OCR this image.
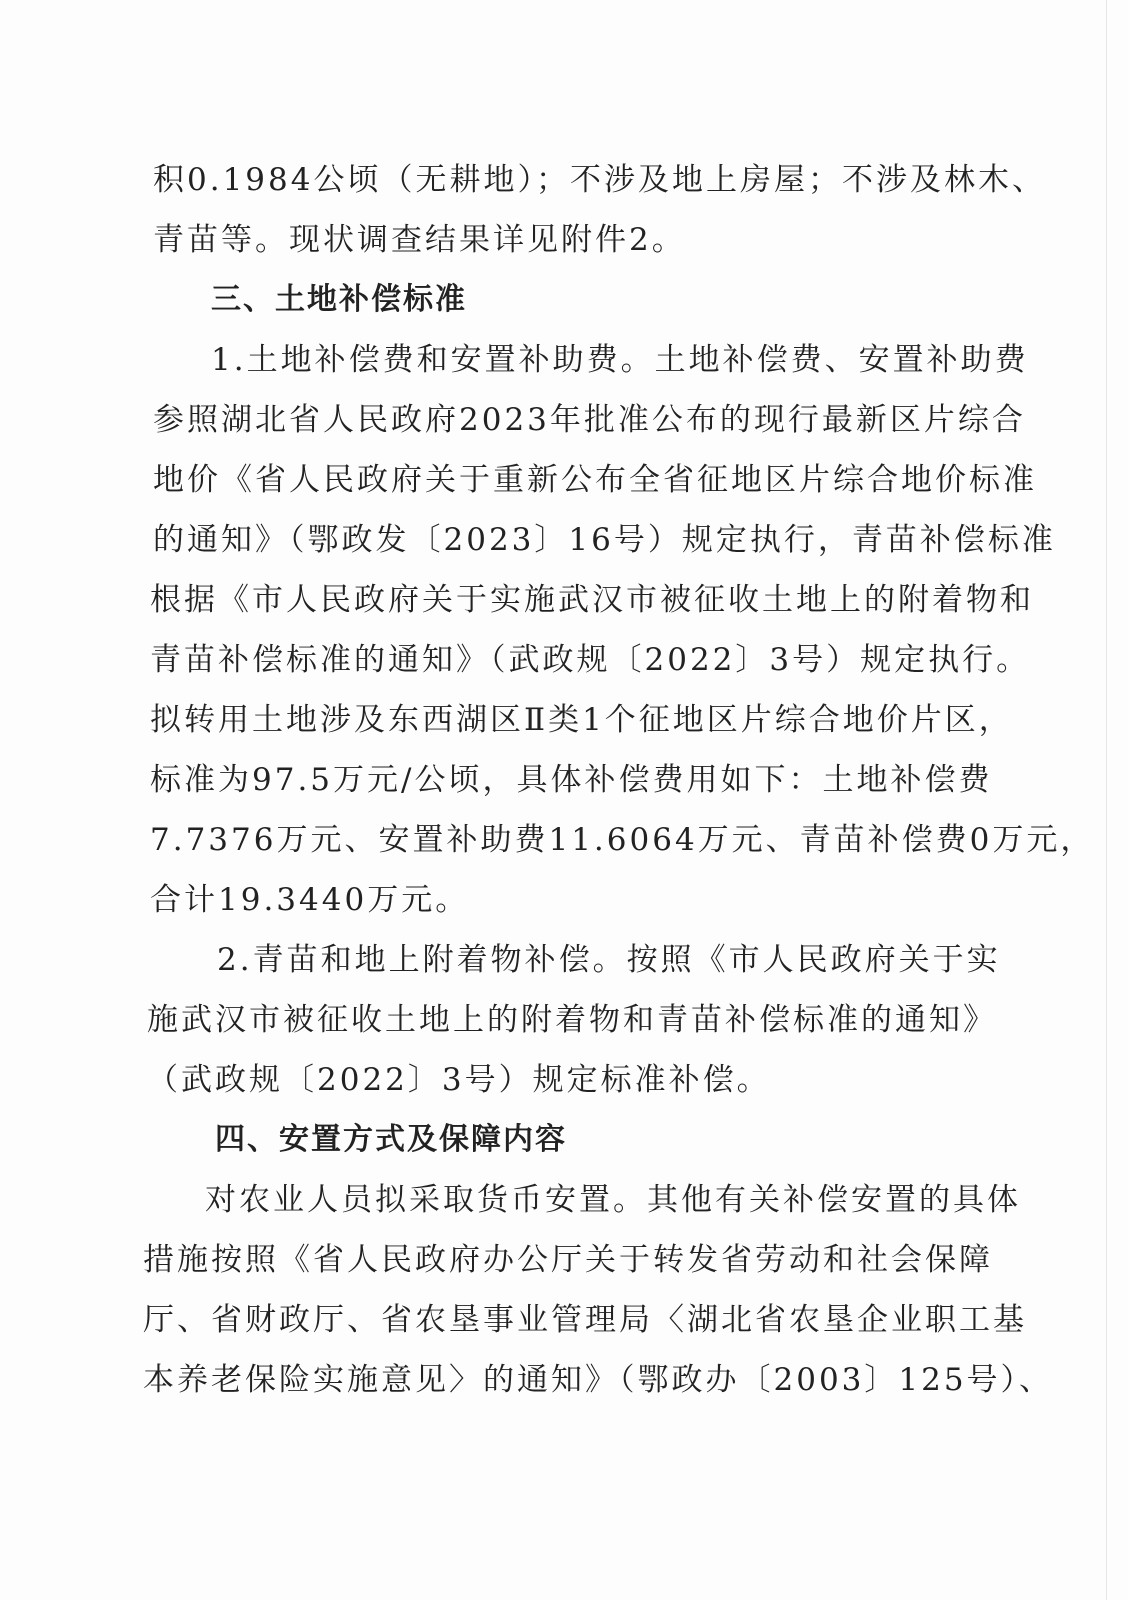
积0.1984公顷（无耕地）；不涉及地上房屋；不涉及林木、
青苗等。现状调查结果详见附件2。
三、土地补偿标准
1.土地补偿费和安置补助费。土地补偿费、安置补助费
参照湖北省人民政府2023年批准公布的现行最新区片综合
地价《省人民政府关于重新公布全省征地区片综合地价标准
的通知》（鄂政发〔2023〕16号）规定执行，青苗补偿标准
根据《市人民政府关于实施武汉市被征收土地上的附着物和
青苗补偿标准的通知》（武政规〔2022〕3号）规定执行。
拟转用土地涉及东西湖区Ⅱ类1个征地区片综合地价片区，
标准为97.5万元/公顷，具体补偿费用如下：土地补偿费
7.7376万元、安置补助费11.6064万元、青苗补偿费0万元，
合计19.3440万元。
2.青苗和地上附着物补偿。按照《市人民政府关于实
施武汉市被征收土地上的附着物和青苗补偿标准的通知》
（武政规〔2022〕3号）规定标准补偿。
四、安置方式及保障内容
对农业人员拟采取货币安置。其他有关补偿安置的具体
措施按照《省人民政府办公厅关于转发省劳动和社会保障
厅、省财政厅、省农垦事业管理局〈湖北省农垦企业职工基
本养老保险实施意见〉的通知》（鄂政办〔2003〕125号）、
